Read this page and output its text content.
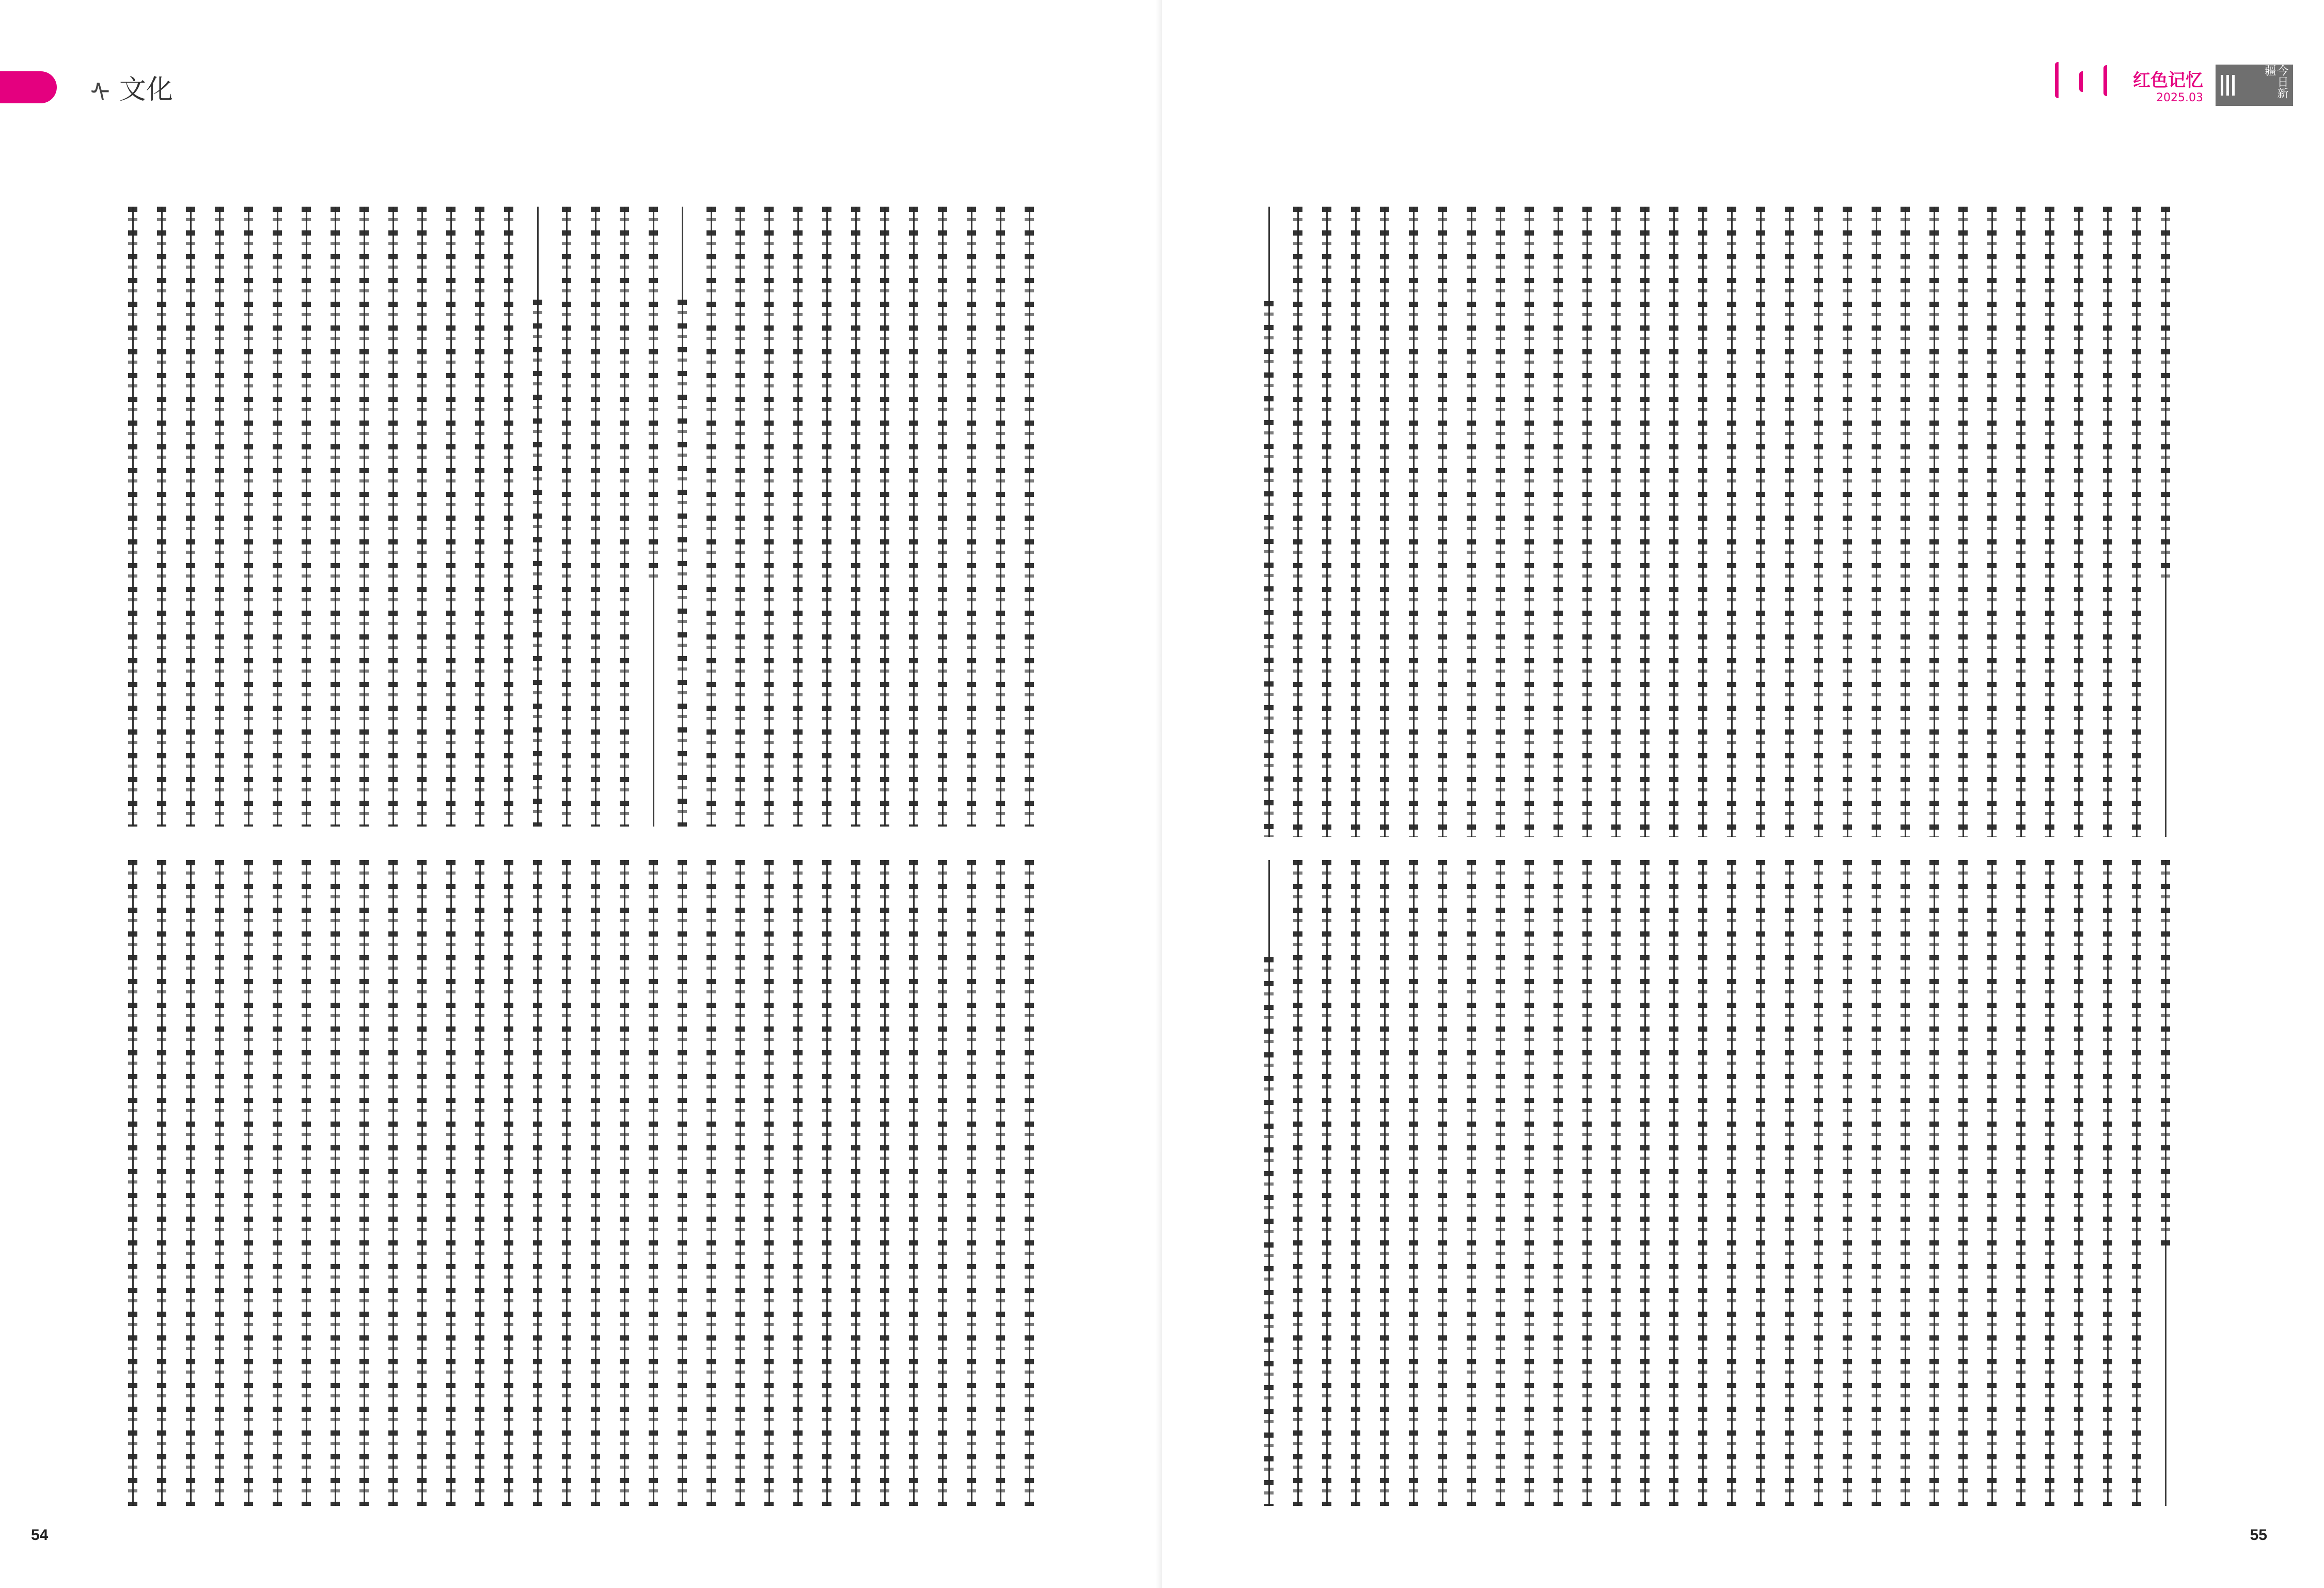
ᠰ 文化
54
红色记忆
2025.03	今日新疆
55
